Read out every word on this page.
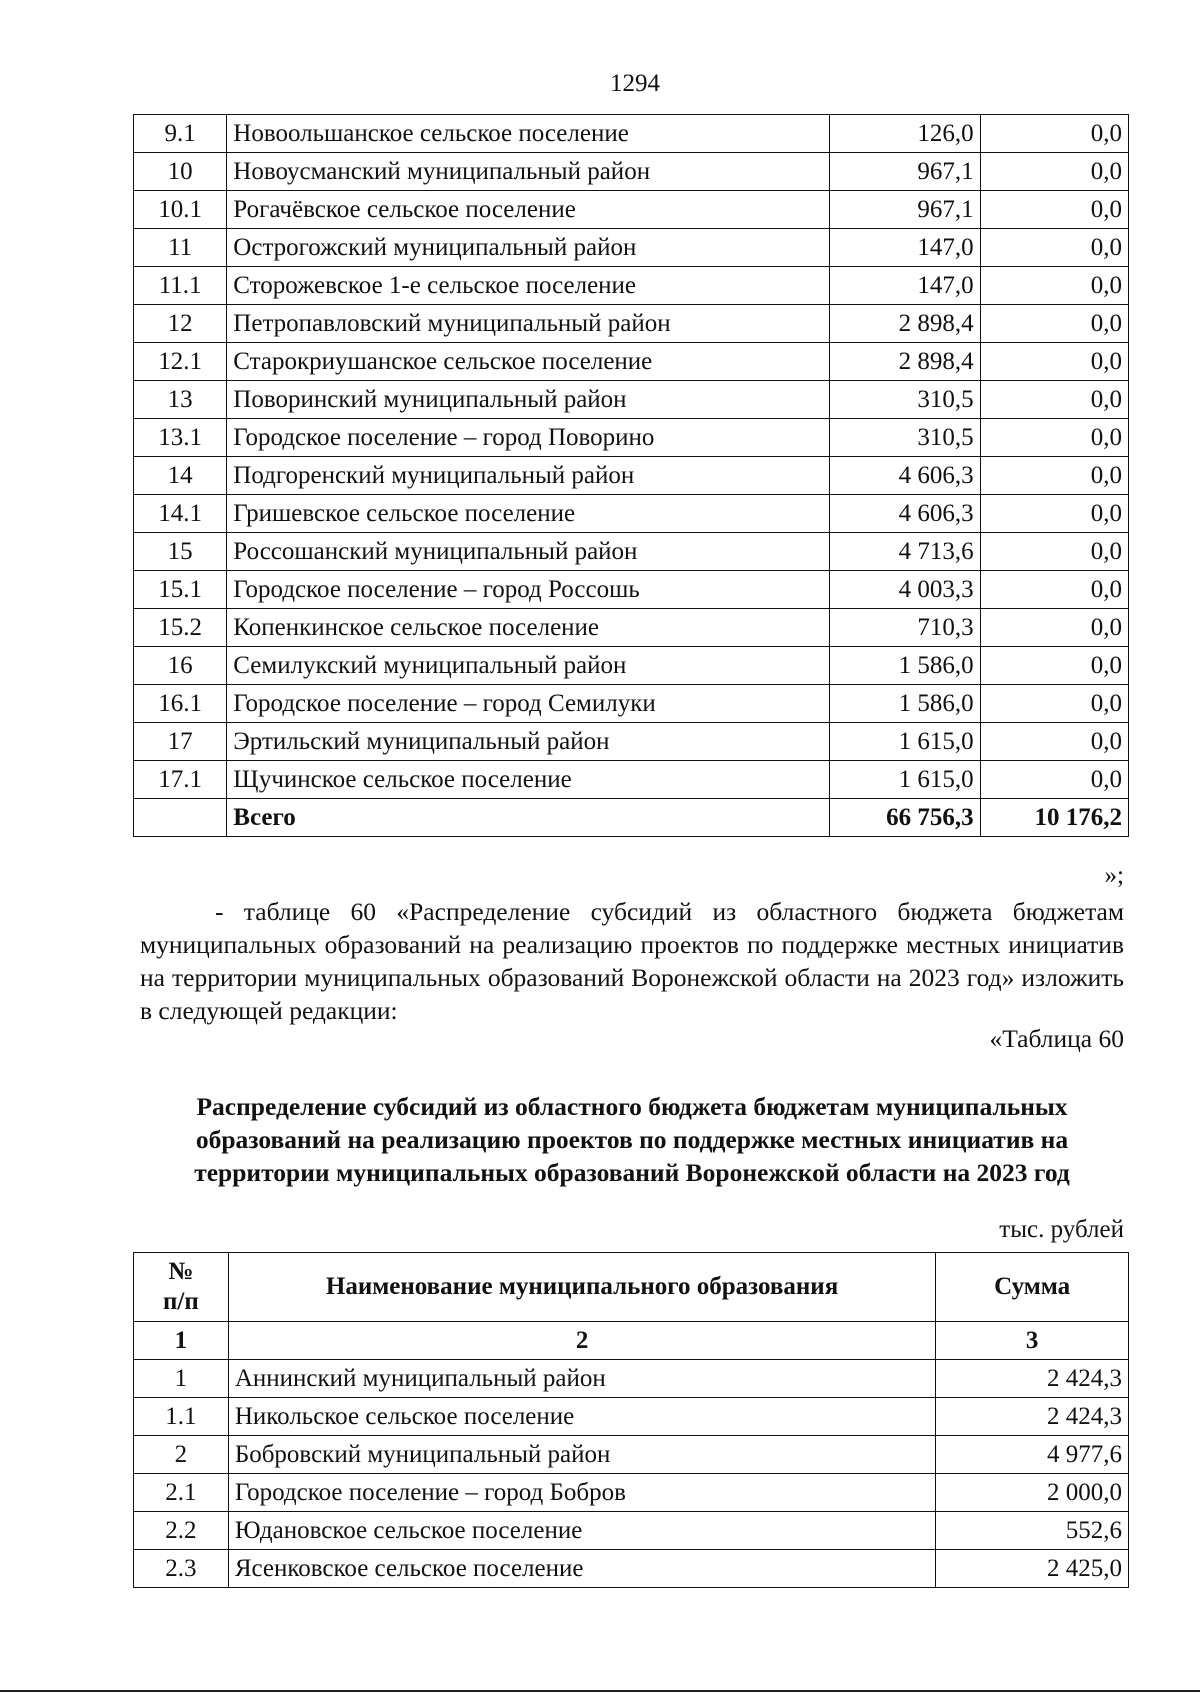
1294
9.1	Новоольшанское сельское поселение	126,0	0,0
10	Новоусманский муниципальный район	967,1	0,0
10.1	Рогачёвское сельское поселение	967,1	0,0
11	Острогожский муниципальный район	147,0	0,0
11.1	Сторожевское 1-е сельское поселение	147,0	0,0
12	Петропавловский муниципальный район	2 898,4	0,0
12.1	Старокриушанское сельское поселение	2 898,4	0,0
13	Поворинский муниципальный район	310,5	0,0
13.1	Городское поселение – город Поворино	310,5	0,0
14	Подгоренский муниципальный район	4 606,3	0,0
14.1	Гришевское сельское поселение	4 606,3	0,0
15	Россошанский муниципальный район	4 713,6	0,0
15.1	Городское поселение – город Россошь	4 003,3	0,0
15.2	Копенкинское сельское поселение	710,3	0,0
16	Семилукский муниципальный район	1 586,0	0,0
16.1	Городское поселение – город Семилуки	1 586,0	0,0
17	Эртильский муниципальный район	1 615,0	0,0
17.1	Щучинское сельское поселение	1 615,0	0,0
	Всего	66 756,3	10 176,2
»;
- таблице 60 «Распределение субсидий из областного бюджета бюджетам муниципальных образований на реализацию проектов по поддержке местных инициатив на территории муниципальных образований Воронежской области на 2023 год» изложить в следующей редакции:
«Таблица 60
Распределение субсидий из областного бюджета бюджетам муниципальных образований на реализацию проектов по поддержке местных инициатив на территории муниципальных образований Воронежской области на 2023 год
тыс. рублей
№
п/п	Наименование муниципального образования	Сумма
1	2	3
1	Аннинский муниципальный район	2 424,3
1.1	Никольское сельское поселение	2 424,3
2	Бобровский муниципальный район	4 977,6
2.1	Городское поселение – город Бобров	2 000,0
2.2	Юдановское сельское поселение	552,6
2.3	Ясенковское сельское поселение	2 425,0
